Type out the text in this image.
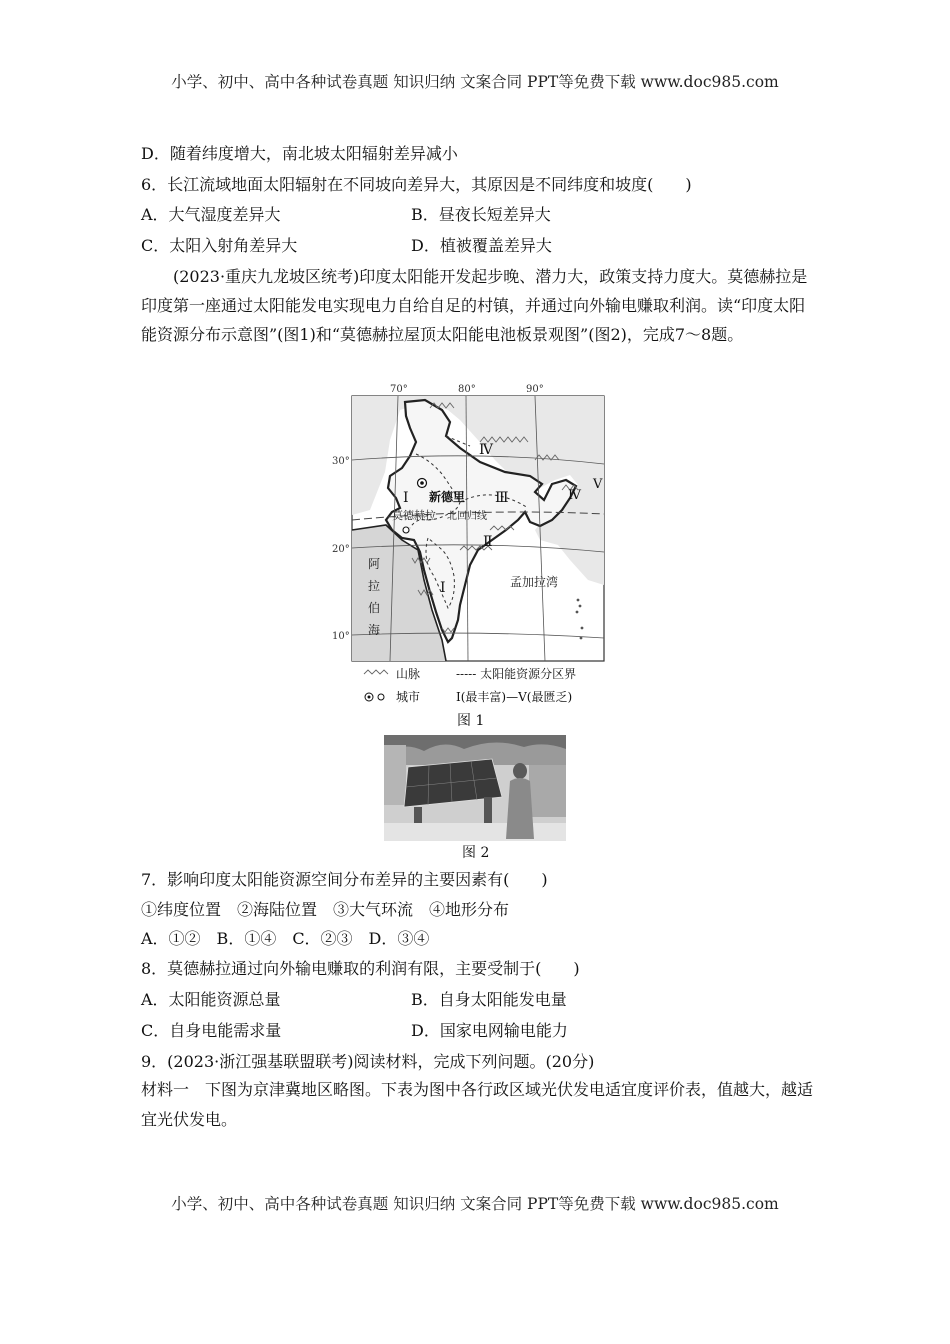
小学、初中、高中各种试卷真题 知识归纳 文案合同 PPT等免费下载 www.doc985.com
D．随着纬度增大，南北坡太阳辐射差异减小
6．长江流域地面太阳辐射在不同坡向差异大，其原因是不同纬度和坡度(　　)
A．大气湿度差异大	B．昼夜长短差异大
C．太阳入射角差异大	D．植被覆盖差异大
(2023·重庆九龙坡区统考)印度太阳能开发起步晚、潜力大，政策支持力度大。莫德赫拉是印度第一座通过太阳能发电实现电力自给自足的村镇，并通过向外输电赚取利润。读“印度太阳能资源分布示意图”(图1)和“莫德赫拉屋顶太阳能电池板景观图”(图2)，完成7～8题。
70°	80°	90°
30°
20°
10°
Ⅰ
Ⅱ
Ⅲ
Ⅳ
Ⅴ
Ⅰ
Ⅳ
新德里
莫德赫拉 北回归线
阿
拉
伯
海
孟加拉湾
山脉	----- 太阳能资源分区界
城市	Ⅰ(最丰富)—Ⅴ(最匮乏)
图 1
图 2
7．影响印度太阳能资源空间分布差异的主要因素有(　　)
①纬度位置　②海陆位置　③大气环流　④地形分布
A．①②　B．①④　C．②③　D．③④
8．莫德赫拉通过向外输电赚取的利润有限，主要受制于(　　)
A．太阳能资源总量	B．自身太阳能发电量
C．自身电能需求量	D．国家电网输电能力
9．(2023·浙江强基联盟联考)阅读材料，完成下列问题。(20分)
材料一　下图为京津冀地区略图。下表为图中各行政区域光伏发电适宜度评价表，值越大，越适宜光伏发电。
小学、初中、高中各种试卷真题 知识归纳 文案合同 PPT等免费下载 www.doc985.com
